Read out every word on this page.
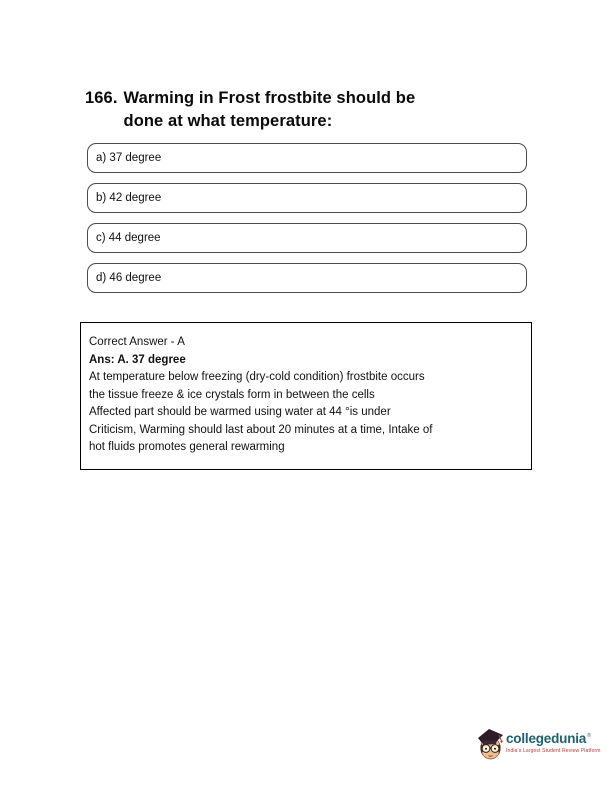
166. Warming in Frost frostbite should be
done at what temperature:
a) 37 degree
b) 42 degree
c) 44 degree
d) 46 degree
Correct Answer - A
Ans: A. 37 degree
At temperature below freezing (dry-cold condition) frostbite occurs
the tissue freeze & ice crystals form in between the cells
Affected part should be warmed using water at 44 °is under
Criticism, Warming should last about 20 minutes at a time, Intake of
hot fluids promotes general rewarming
collegedunia ®
India's Largest Student Review Platform
